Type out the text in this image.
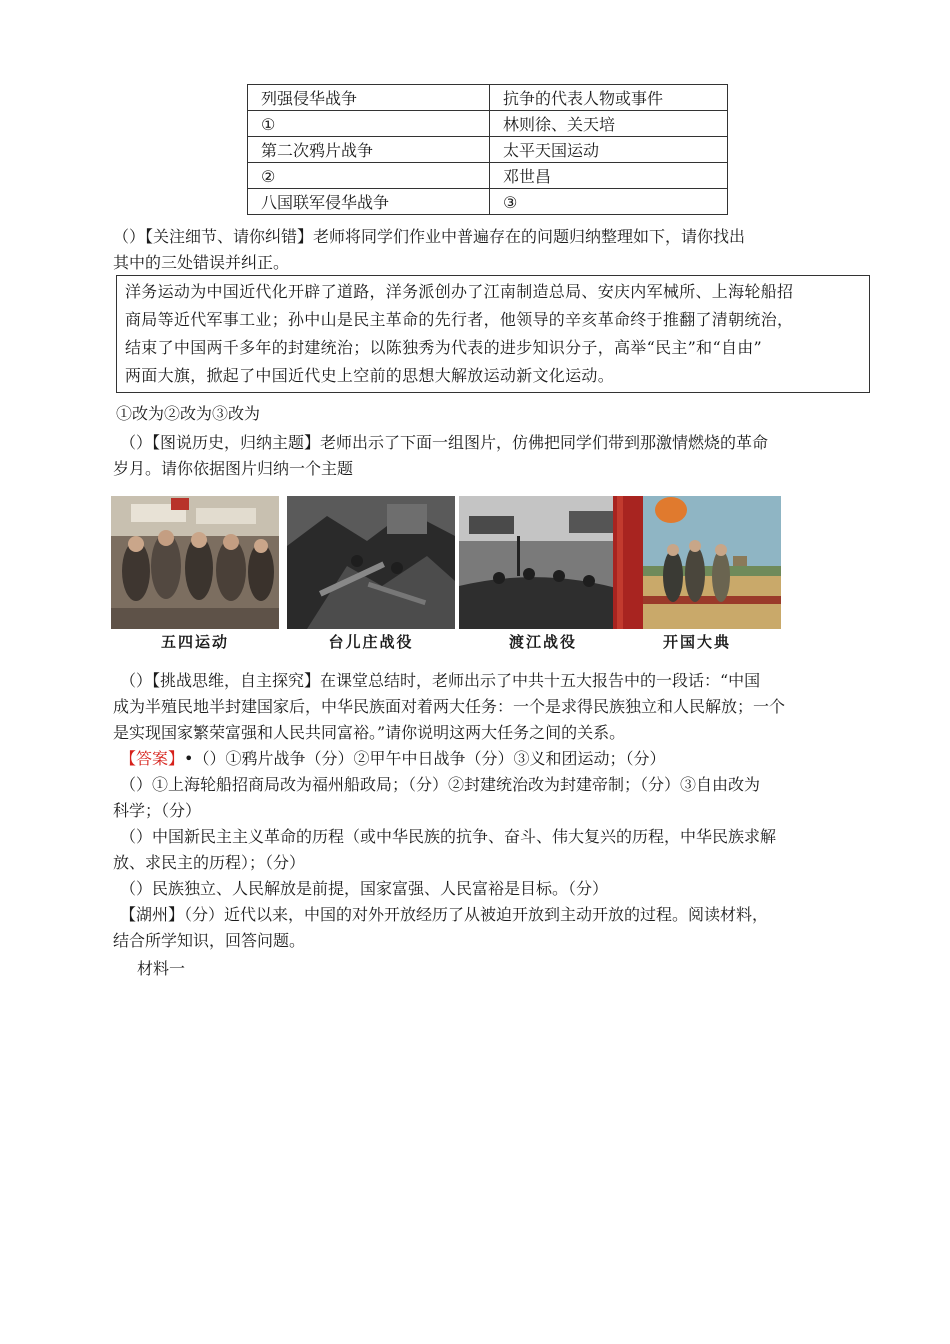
列强侵华战争	抗争的代表人物或事件
①	林则徐、关天培
第二次鸦片战争	太平天国运动
②	邓世昌
八国联军侵华战争	③
（）【关注细节、请你纠错】老师将同学们作业中普遍存在的问题归纳整理如下，请你找出
其中的三处错误并纠正。
洋务运动为中国近代化开辟了道路，洋务派创办了江南制造总局、安庆内军械所、上海轮船招
商局等近代军事工业；孙中山是民主革命的先行者，他领导的辛亥革命终于推翻了清朝统治，
结束了中国两千多年的封建统治；以陈独秀为代表的进步知识分子，高举“民主”和“自由”
两面大旗，掀起了中国近代史上空前的思想大解放运动新文化运动。
①改为②改为③改为
（）【图说历史，归纳主题】老师出示了下面一组图片，仿佛把同学们带到那激情燃烧的革命
岁月。请你依据图片归纳一个主题
五四运动	台儿庄战役	渡江战役	开国大典
（）【挑战思维，自主探究】在课堂总结时，老师出示了中共十五大报告中的一段话：“中国
成为半殖民地半封建国家后，中华民族面对着两大任务：一个是求得民族独立和人民解放；一个
是实现国家繁荣富强和人民共同富裕。”请你说明这两大任务之间的关系。
【答案】•（）①鸦片战争（分）②甲午中日战争（分）③义和团运动；（分）
（）①上海轮船招商局改为福州船政局；（分）②封建统治改为封建帝制；（分）③自由改为
科学；（分）
（）中国新民主主义革命的历程（或中华民族的抗争、奋斗、伟大复兴的历程，中华民族求解
放、求民主的历程）；（分）
（）民族独立、人民解放是前提，国家富强、人民富裕是目标。（分）
【湖州】（分）近代以来，中国的对外开放经历了从被迫开放到主动开放的过程。阅读材料，
结合所学知识，回答问题。
材料一
